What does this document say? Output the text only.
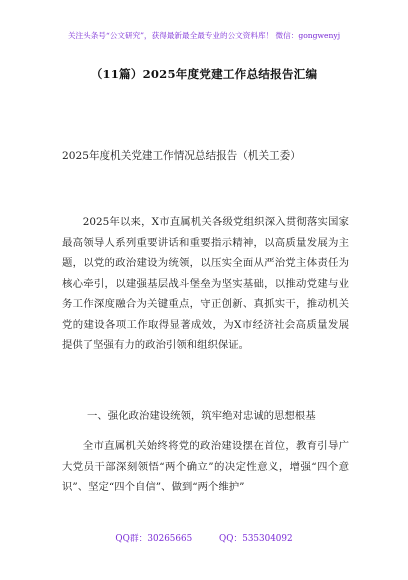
关注头条号“公文研究”，获得最新最全最专业的公文资料库！ 微信：gongwenyj
（11篇）2025年度党建工作总结报告汇编
2025年度机关党建工作情况总结报告（机关工委）

2025年以来，X市直属机关各级党组织深入贯彻落实国家最高领导人系列重要讲话和重要指示精神，以高质量发展为主题，以党的政治建设为统领，以压实全面从严治党主体责任为核心牵引，以建强基层战斗堡垒为坚实基础，以推动党建与业务工作深度融合为关键重点，守正创新、真抓实干，推动机关党的建设各项工作取得显著成效，为X市经济社会高质量发展提供了坚强有力的政治引领和组织保证。

一、强化政治建设统领，筑牢绝对忠诚的思想根基

全市直属机关始终将党的政治建设摆在首位，教育引导广大党员干部深刻领悟“两个确立”的决定性意义，增强“四个意识”、坚定“四个自信”、做到“两个维护”

QQ群：30265665	QQ：535304092
